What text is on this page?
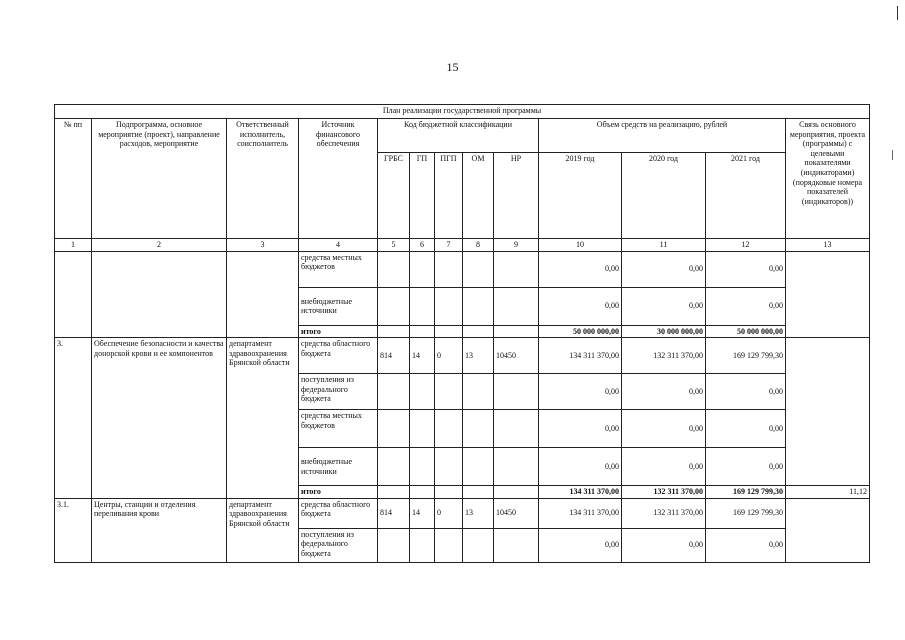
15
План реализации государственной программы												
№ пп	Подпрограмма, основное мероприятие (проект), направление расходов, мероприятие	Ответственный исполнитель, соисполнитель	Источник финансового обеспечения	Код бюджетной классификации					Объем средств на реализацию, рублей			Связь основного мероприятия, проекта (программы) с целевыми показателями (индикаторами) (порядковые номера показателей (индикаторов))
				ГРБС	ГП	ПГП	ОМ	НР	2019 год	2020 год	2021 год	
1	2	3	4	5	6	7	8	9	10	11	12	13
			средства местных бюджетов						0,00	0,00	0,00	
			внебюджетные источники						0,00	0,00	0,00	
			итого						50 000 000,00	30 000 000,00	50 000 000,00	
3.	Обеспечение безопасности и качества донорской крови и ее компонентов	департамент здравоохранения Брянской области	средства областного бюджета	814	14	0	13	10450	134 311 370,00	132 311 370,00	169 129 799,30	
			поступления из федерального бюджета						0,00	0,00	0,00	
			средства местных бюджетов						0,00	0,00	0,00	
			внебюджетные источники						0,00	0,00	0,00	
			итого						134 311 370,00	132 311 370,00	169 129 799,30	11,12
3.1.	Центры, станции и отделения переливания крови	департамент здравоохранения Брянской области	средства областного бюджета	814	14	0	13	10450	134 311 370,00	132 311 370,00	169 129 799,30	
			поступления из федерального бюджета						0,00	0,00	0,00	
